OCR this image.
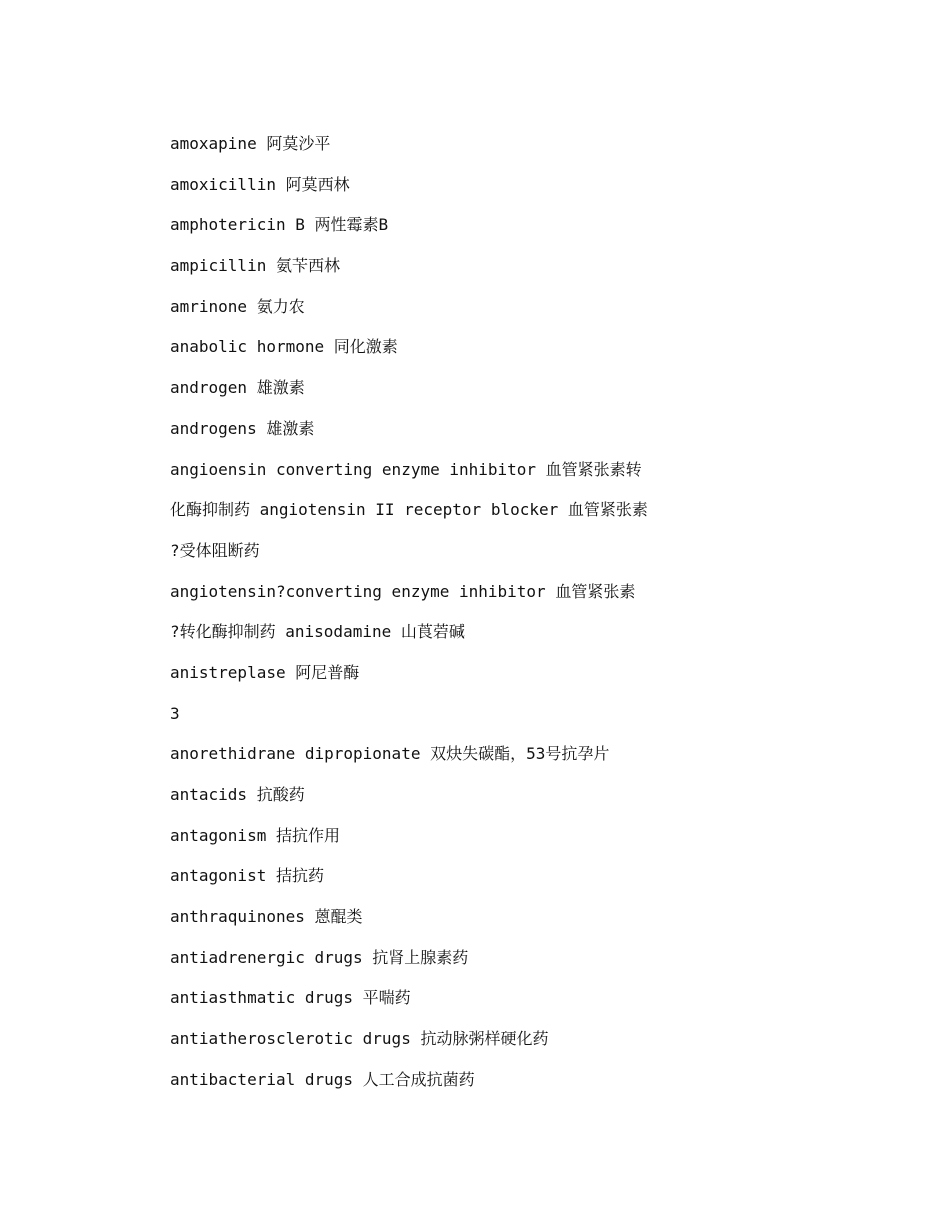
amoxapine 阿莫沙平
amoxicillin 阿莫西林
amphotericin B 两性霉素B
ampicillin 氨苄西林
amrinone 氨力农
anabolic hormone 同化激素
androgen 雄激素
androgens 雄激素
angioensin converting enzyme inhibitor 血管紧张素转
化酶抑制药 angiotensin II receptor blocker 血管紧张素
?受体阻断药
angiotensin?converting enzyme inhibitor 血管紧张素
?转化酶抑制药 anisodamine 山莨菪碱
anistreplase 阿尼普酶
3
anorethidrane dipropionate 双炔失碳酯，53号抗孕片
antacids 抗酸药
antagonism 拮抗作用
antagonist 拮抗药
anthraquinones 蒽醌类
antiadrenergic drugs 抗肾上腺素药
antiasthmatic drugs 平喘药
antiatherosclerotic drugs 抗动脉粥样硬化药
antibacterial drugs 人工合成抗菌药
